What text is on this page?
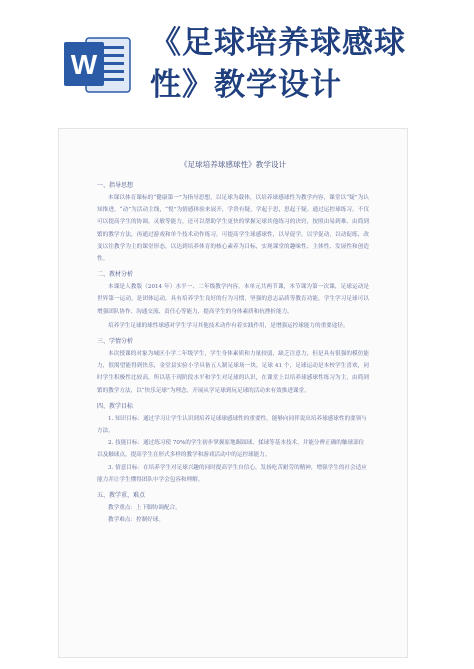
W
《足球培养球感球
性》教学设计
《足球培养球感球性》教学设计
一、指导思想

本课以体育课标的“健康第一”为指导思想，以足球为载体，以培养球感球性为教学内容，课堂以“疑”为认知推进，“动”为活动主线，“悦”为情感体验来展开，学贵有疑，学起于思，思起于疑。通过运控球练习，不仅可以提高学生的协调、灵敏等能力，还可以帮助学生更快的掌握足球其他练习的诀窍，按照由易到难、由简到繁的教学方法，再通过游戏和单个技术动作练习，可提高学生球感球性，以导促学，以学促动，以动促练，改变以往教学为主的课堂形态，以达到培养体育的核心素养为目标，实现课堂的趣味性、主体性、发展性和创造性。

二、教材分析

本课是人教版（2014 年）水平一、二年级教学内容，本单元共两节课，本节课为第一次课，足球运动是世界第一运动，是团体运动，具有培养学生良好的行为习惯，坚强的意志品质等教育功能，学生学习足球可以增强团队协作、沟通交流、责任心等能力，提高学生的身体素质和抗挫折能力。

培养学生足球的球性球感对学生学习其他技术动作有着实践作用，是增强运控球能力的重要途径。

三、学情分析

本次授课的对象为城区小学二年级学生，学生身体素质和力量较弱，缺乏注意力，但是具有很强的模仿能力，很渴望能得到快乐，金堂县实验小学具备五人制足球场一块，足球 41 个，足球运动是本校学生喜欢，同时学生积极性比较高，所以基于现阶段水平和学生对足球的认识，在课堂上以培养球感球性练习为主，由简到繁的教学方法，以“快乐足球”为理念，开展从学足球到玩足球的活动来有效推进课堂。

四、教学目标

1. 知识目标：通过学习让学生认识到培养足球球感球性的重要性，能够向同伴说出培养球感球性的要领与方法。

2. 技能目标：通过练习使 70%的学生初步掌握原地踢踩球、揉球等基本技术，并能分辨正确的触球部位以及触球点，提高学生在形式多样的教学和游戏活动中的运控球能力。

3. 情意目标：在培养学生对足球兴趣的同时提高学生自信心，发扬吃苦耐劳的精神，增强学生的社会适应能力并让学生懂得团队中学会包容和理解。

五、教学重、难点

教学重点：上下脚协调配合。

教学难点：控制好球。
